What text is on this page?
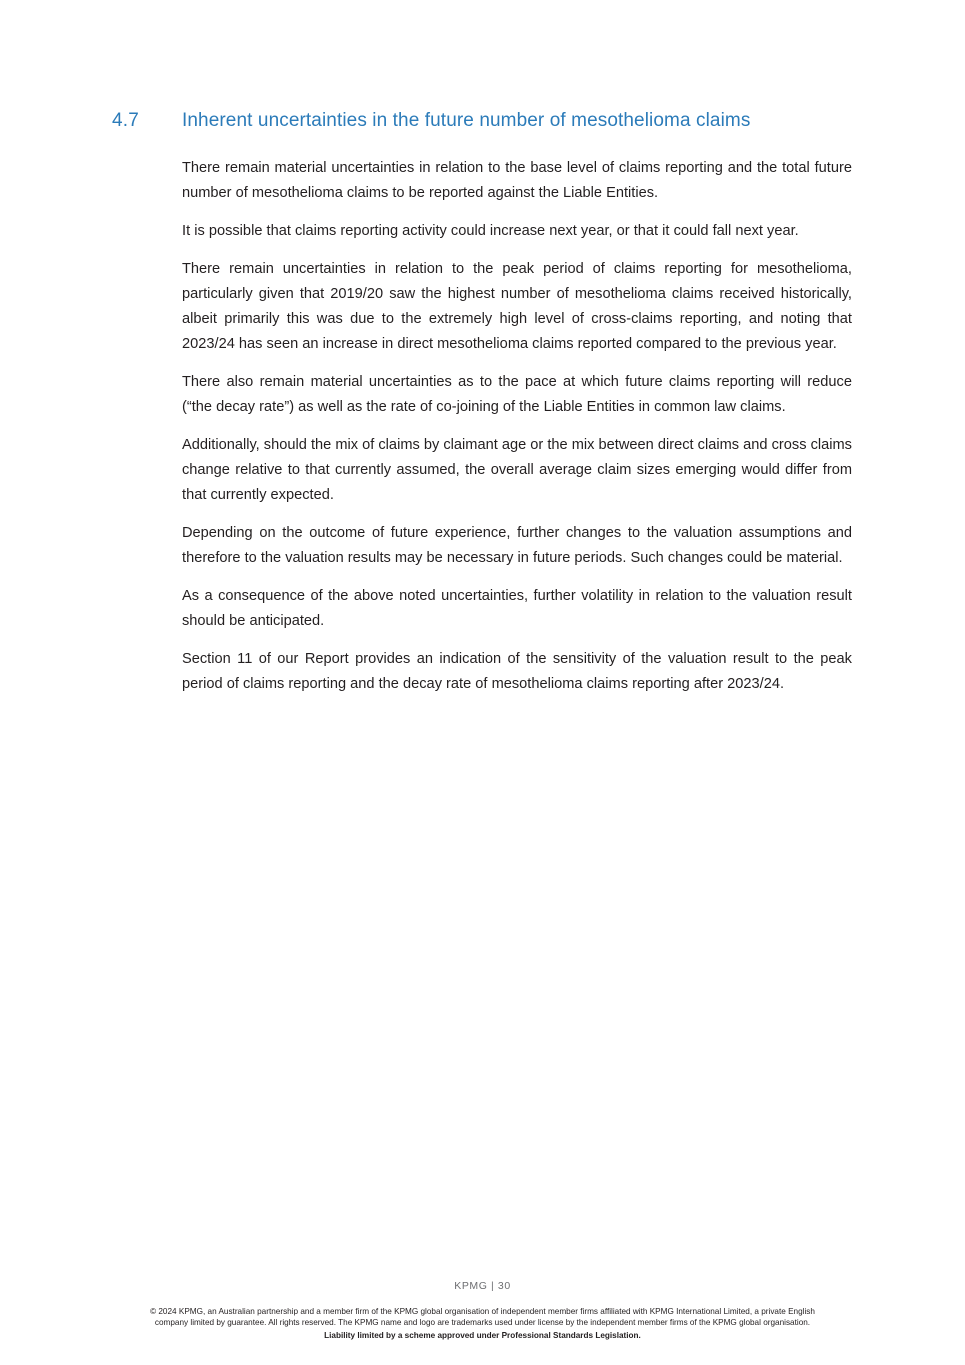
4.7	Inherent uncertainties in the future number of mesothelioma claims

There remain material uncertainties in relation to the base level of claims reporting and the total future number of mesothelioma claims to be reported against the Liable Entities.

It is possible that claims reporting activity could increase next year, or that it could fall next year.

There remain uncertainties in relation to the peak period of claims reporting for mesothelioma, particularly given that 2019/20 saw the highest number of mesothelioma claims received historically, albeit primarily this was due to the extremely high level of cross-claims reporting, and noting that 2023/24 has seen an increase in direct mesothelioma claims reported compared to the previous year.

There also remain material uncertainties as to the pace at which future claims reporting will reduce (“the decay rate”) as well as the rate of co-joining of the Liable Entities in common law claims.

Additionally, should the mix of claims by claimant age or the mix between direct claims and cross claims change relative to that currently assumed, the overall average claim sizes emerging would differ from that currently expected.

Depending on the outcome of future experience, further changes to the valuation assumptions and therefore to the valuation results may be necessary in future periods. Such changes could be material.

As a consequence of the above noted uncertainties, further volatility in relation to the valuation result should be anticipated.

Section 11 of our Report provides an indication of the sensitivity of the valuation result to the peak period of claims reporting and the decay rate of mesothelioma claims reporting after 2023/24.

KPMG | 30
© 2024 KPMG, an Australian partnership and a member firm of the KPMG global organisation of independent member firms affiliated with KPMG International Limited, a private English
company limited by guarantee. All rights reserved. The KPMG name and logo are trademarks used under license by the independent member firms of the KPMG global organisation.
Liability limited by a scheme approved under Professional Standards Legislation.
